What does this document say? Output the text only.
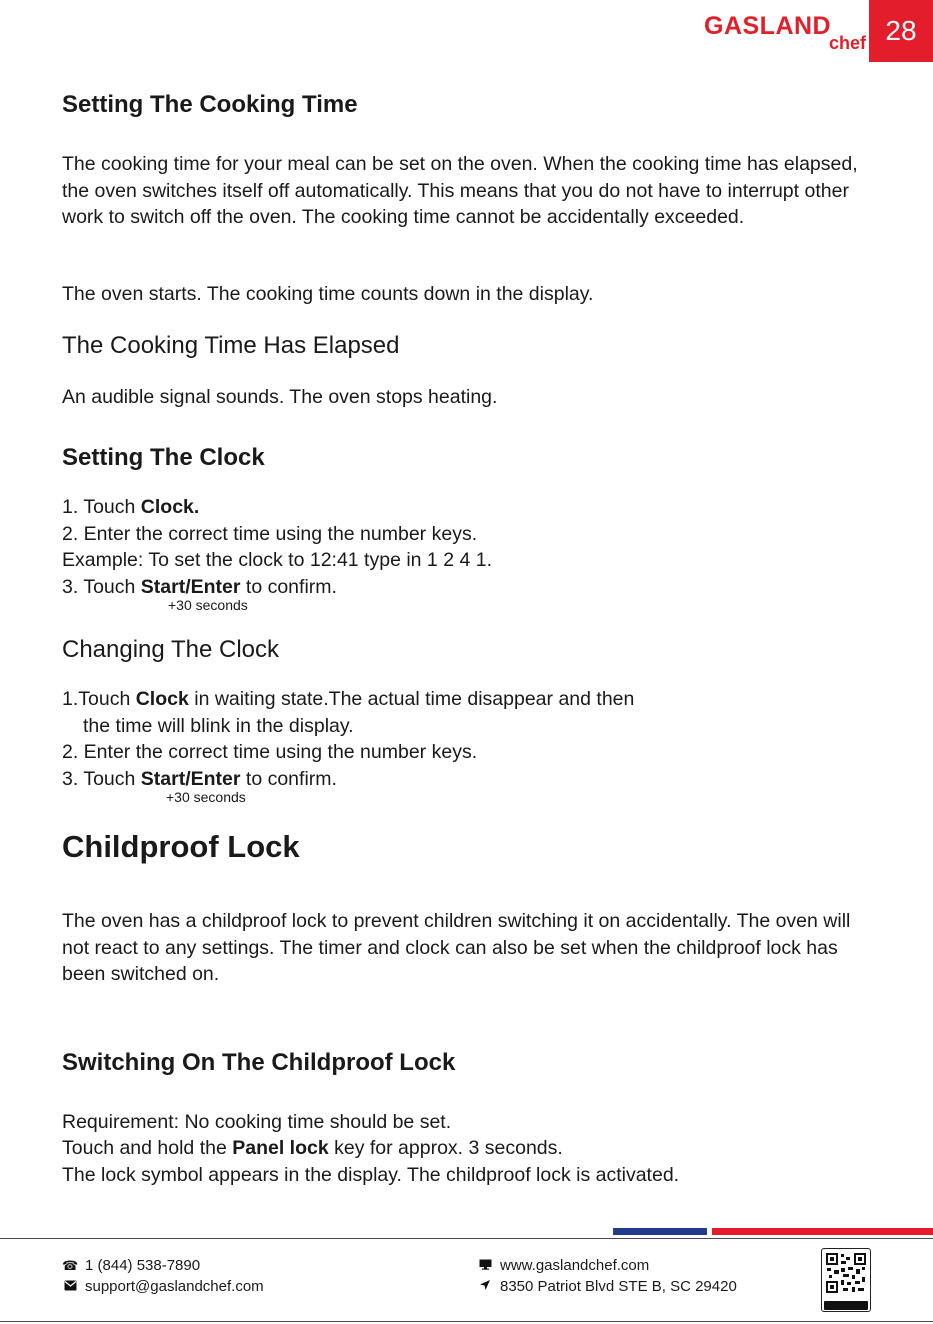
GASLAND
chef 28
Setting The Cooking Time

The cooking time for your meal can be set on the oven. When the cooking time has elapsed, the oven switches itself off automatically. This means that you do not have to interrupt other work to switch off the oven. The cooking time cannot be accidentally exceeded.

The oven starts. The cooking time counts down in the display.

The Cooking Time Has Elapsed

An audible signal sounds. The oven stops heating.

Setting The Clock
1. Touch Clock.
2. Enter the correct time using the number keys.
Example: To set the clock to 12:41 type in 1 2 4 1.
3. Touch Start/Enter to confirm.
+30 seconds
Changing The Clock
1.Touch Clock in waiting state.The actual time disappear and then
the time will blink in the display.
2. Enter the correct time using the number keys.
3. Touch Start/Enter to confirm.
+30 seconds
Childproof Lock

The oven has a childproof lock to prevent children switching it on accidentally. The oven will not react to any settings. The timer and clock can also be set when the childproof lock has been switched on.

Switching On The Childproof Lock
Requirement: No cooking time should be set.
Touch and hold the Panel lock key for approx. 3 seconds.
The lock symbol appears in the display. The childproof lock is activated.
☎ 1 (844) 538-7890
support@gaslandchef.com
www.gaslandchef.com
8350 Patriot Blvd STE B, SC 29420
